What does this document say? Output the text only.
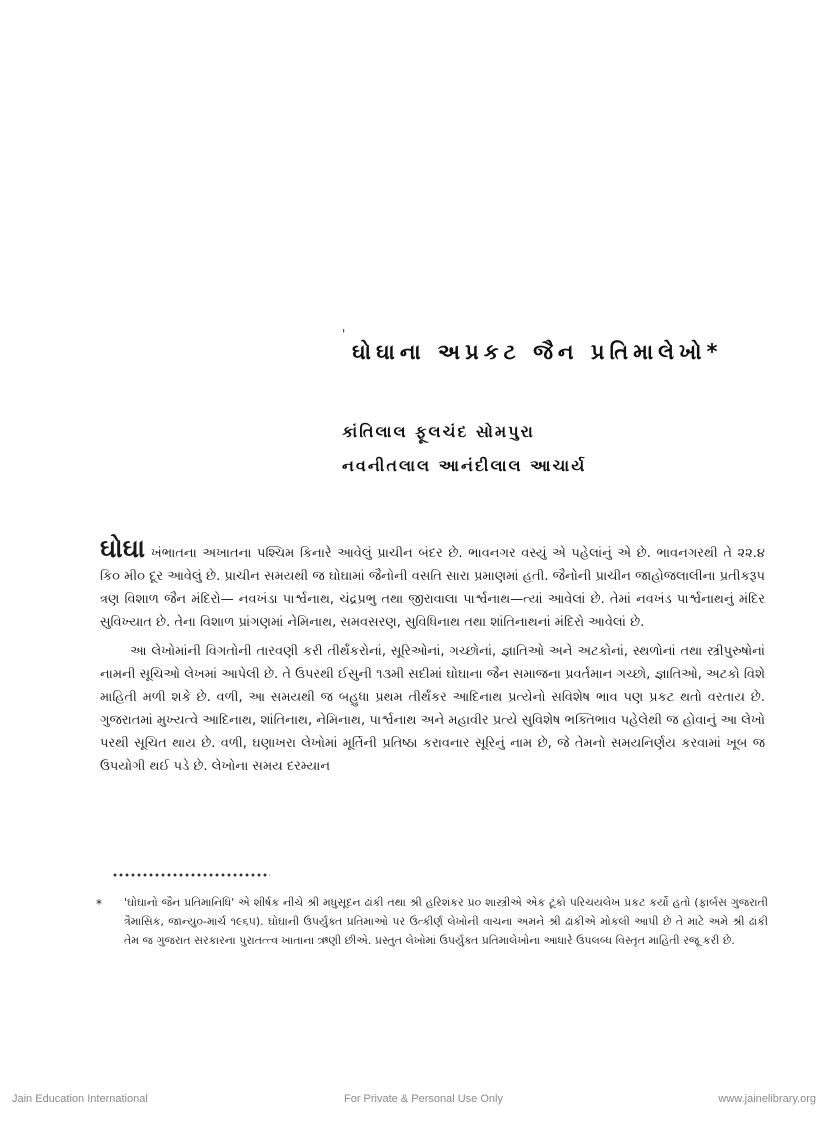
'
ઘોઘાના અપ્રકટ જૈન પ્રતિમાલેખો*
કાંતિલાલ ફૂલચંદ સોમપુરા
નવનીતલાલ આનંદીલાલ આચાર્ય

ઘોઘા ખંભાતના અખાતના પશ્ચિમ કિનારે આવેલું પ્રાચીન બંદર છે. ભાવનગર વસ્યું એ પહેલાંનું એ છે. ભાવનગરથી તે ૨૨.૪ કિ૦ મી૦ દૂર આવેલું છે. પ્રાચીન સમયથી જ ઘોઘામાં જૈનોની વસતિ સારા પ્રમાણમાં હતી. જૈનોની પ્રાચીન જાહોજલાલીના પ્રતીકરૂપ ત્રણ વિશાળ જૈન મંદિરો— નવખંડા પાર્શ્વનાથ, ચંદ્રપ્રભુ તથા જીરાવાલા પાર્શ્વનાથ—ત્યાં આવેલાં છે. તેમાં નવખંડ પાર્શ્વનાથનું મંદિર સુવિખ્યાત છે. તેના વિશાળ પ્રાંગણમાં નેમિનાથ, સમવસરણ, સુવિધિનાથ તથા શાંતિનાથનાં મંદિરો આવેલાં છે.

આ લેખોમાંની વિગતોની તારવણી કરી તીર્થંકરોનાં, સૂરિઓનાં, ગચ્છોનાં, જ્ઞાતિઓ અને અટકોનાં, સ્થળોનાં તથા સ્ત્રીપુરુષોનાં નામની સૂચિઓ લેખમાં આપેલી છે. તે ઉપરથી ઈસુની ૧૩મી સદીમાં ઘોઘાના જૈન સમાજના પ્રવર્તમાન ગચ્છો, જ્ઞાતિઓ, અટકો વિશે માહિતી મળી શકે છે. વળી, આ સમયથી જ બહુધા પ્રથમ તીર્થંકર આદિનાથ પ્રત્યેનો સવિશેષ ભાવ પણ પ્રકટ થતો વરતાય છે. ગુજરાતમાં મુખ્યત્વે આદિનાથ, શાંતિનાથ, નેમિનાથ, પાર્શ્વનાથ અને મહાવીર પ્રત્યે સુવિશેષ ભક્તિભાવ પહેલેથી જ હોવાનું આ લેખો પરથી સૂચિત થાય છે. વળી, ઘણાખરા લેખોમાં મૂર્તિની પ્રતિષ્ઠા કરાવનાર સૂરિનું નામ છે, જે તેમનો સમયનિર્ણય કરવામાં ખૂબ જ ઉપયોગી થઈ પડે છે. લેખોના સમય દરમ્યાન

* 'ઘોઘાનો જૈન પ્રતિમાનિધિ' એ શીર્ષક નીચે શ્રી મધુસૂદન ઢાંકી તથા શ્રી હરિશંકર પ્ર૦ શાસ્ત્રીએ એક ટૂંકો પરિચયલેખ પ્રકટ કર્યો હતો (ફાર્બસ ગુજરાતી ત્રૈમાસિક, જાન્યુ૦-માર્ચ ૧૯૬૫). ઘોઘાની ઉપર્યુક્ત પ્રતિમાઓ પર ઉત્કીર્ણ લેખોની વાચના અમને શ્રી ઢાંકીએ મોકલી આપી છે તે માટે અમે શ્રી ઢાંકી તેમ જ ગુજરાત સરકારના પુરાતત્ત્વ ખાતાના ઋણી છીએ. પ્રસ્તુત લેખોમાં ઉપર્યુક્ત પ્રતિમાલેખોના આધારે ઉપલબ્ધ વિસ્તૃત માહિતી રજૂ કરી છે.
Jain Education International	For Private & Personal Use Only	www.jainelibrary.org
